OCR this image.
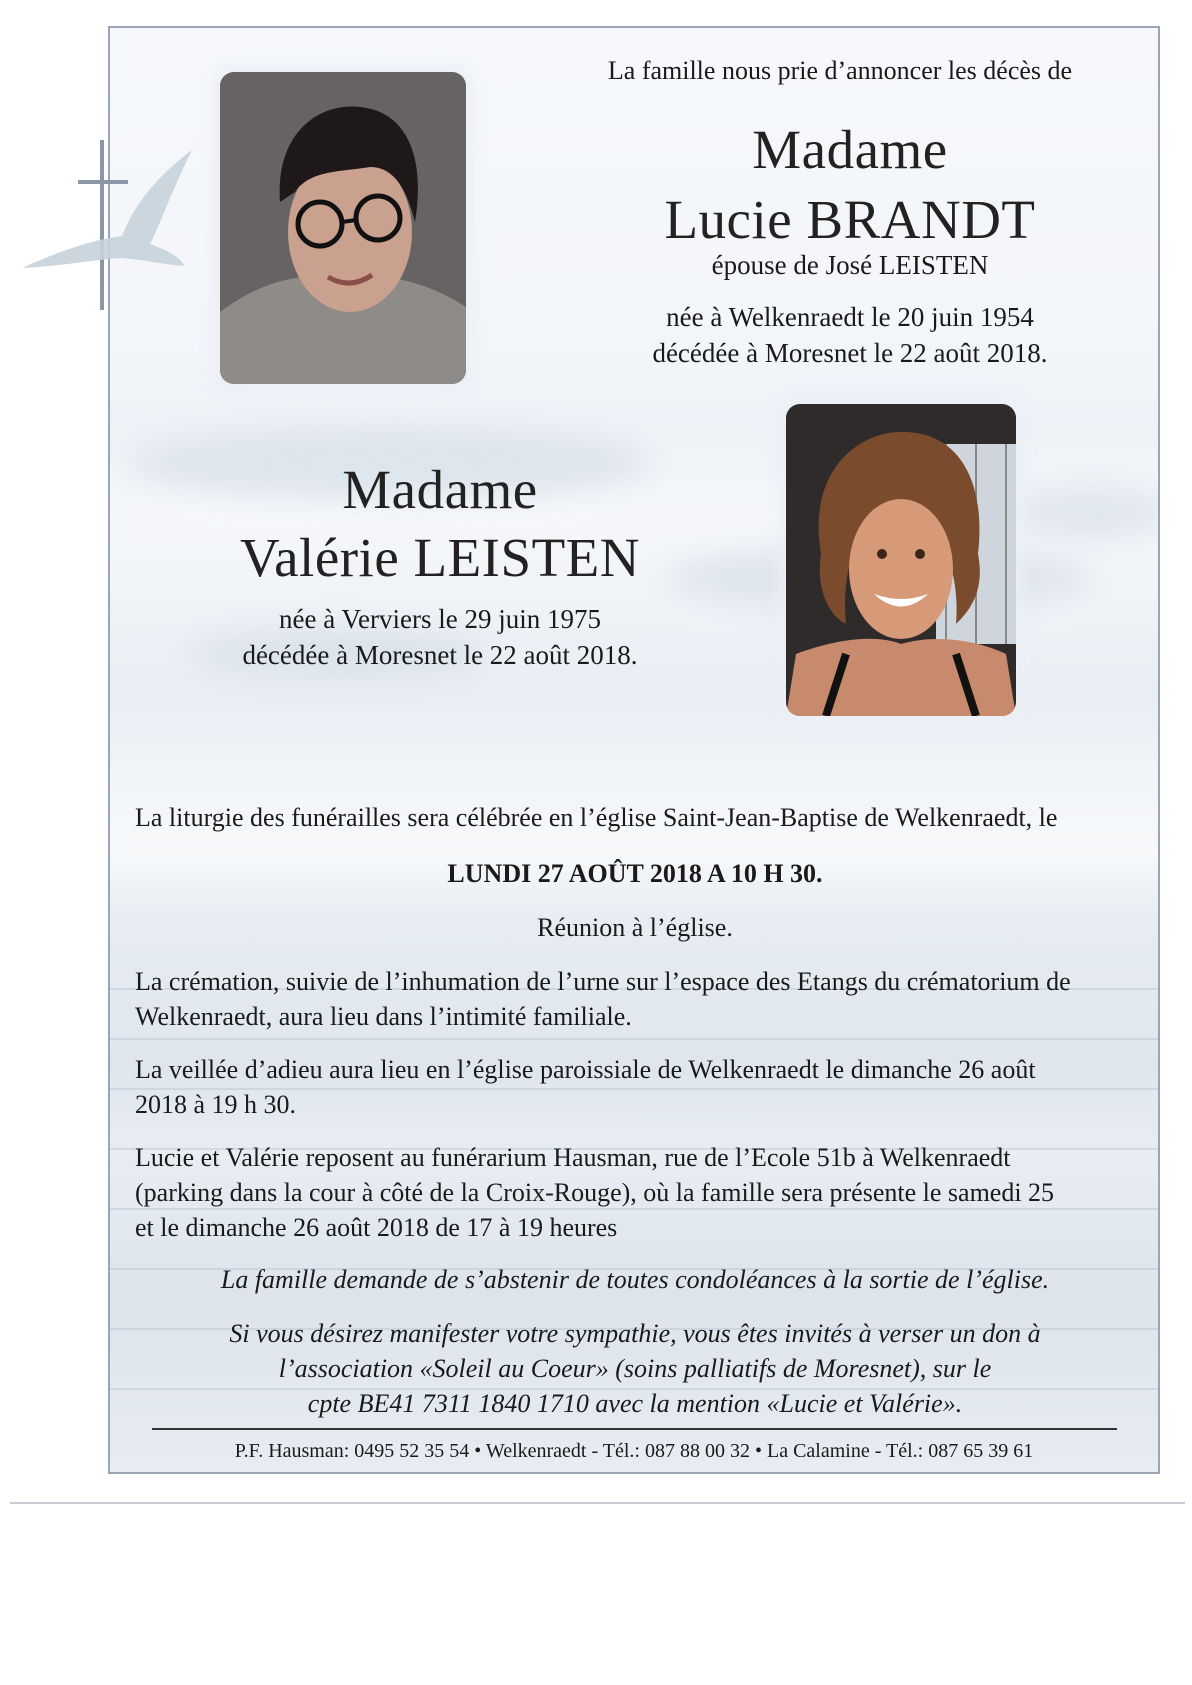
La famille nous prie d’annoncer les décès de
Madame
Lucie BRANDT
épouse de José LEISTEN
née à Welkenraedt le 20 juin 1954
décédée à Moresnet le 22 août 2018.
Madame
Valérie LEISTEN
née à Verviers le 29 juin 1975
décédée à Moresnet le 22 août 2018.
La liturgie des funérailles sera célébrée en l’église Saint-Jean-Baptise de Welkenraedt, le
LUNDI 27 AOÛT 2018 A 10 H 30.
Réunion à l’église.
La crémation, suivie de l’inhumation de l’urne sur l’espace des Etangs du crématorium de
Welkenraedt, aura lieu dans l’intimité familiale.
La veillée d’adieu aura lieu en l’église paroissiale de Welkenraedt le dimanche 26 août
2018 à 19 h 30.
Lucie et Valérie reposent au funérarium Hausman, rue de l’Ecole 51b à Welkenraedt
(parking dans la cour à côté de la Croix-Rouge), où la famille sera présente le samedi 25
et le dimanche 26 août 2018 de 17 à 19 heures
La famille demande de s’abstenir de toutes condoléances à la sortie de l’église.
Si vous désirez manifester votre sympathie, vous êtes invités à verser un don à
l’association «Soleil au Coeur» (soins palliatifs de Moresnet), sur le
cpte BE41 7311 1840 1710 avec la mention «Lucie et Valérie».
P.F. Hausman: 0495 52 35 54 • Welkenraedt - Tél.: 087 88 00 32 • La Calamine - Tél.: 087 65 39 61
